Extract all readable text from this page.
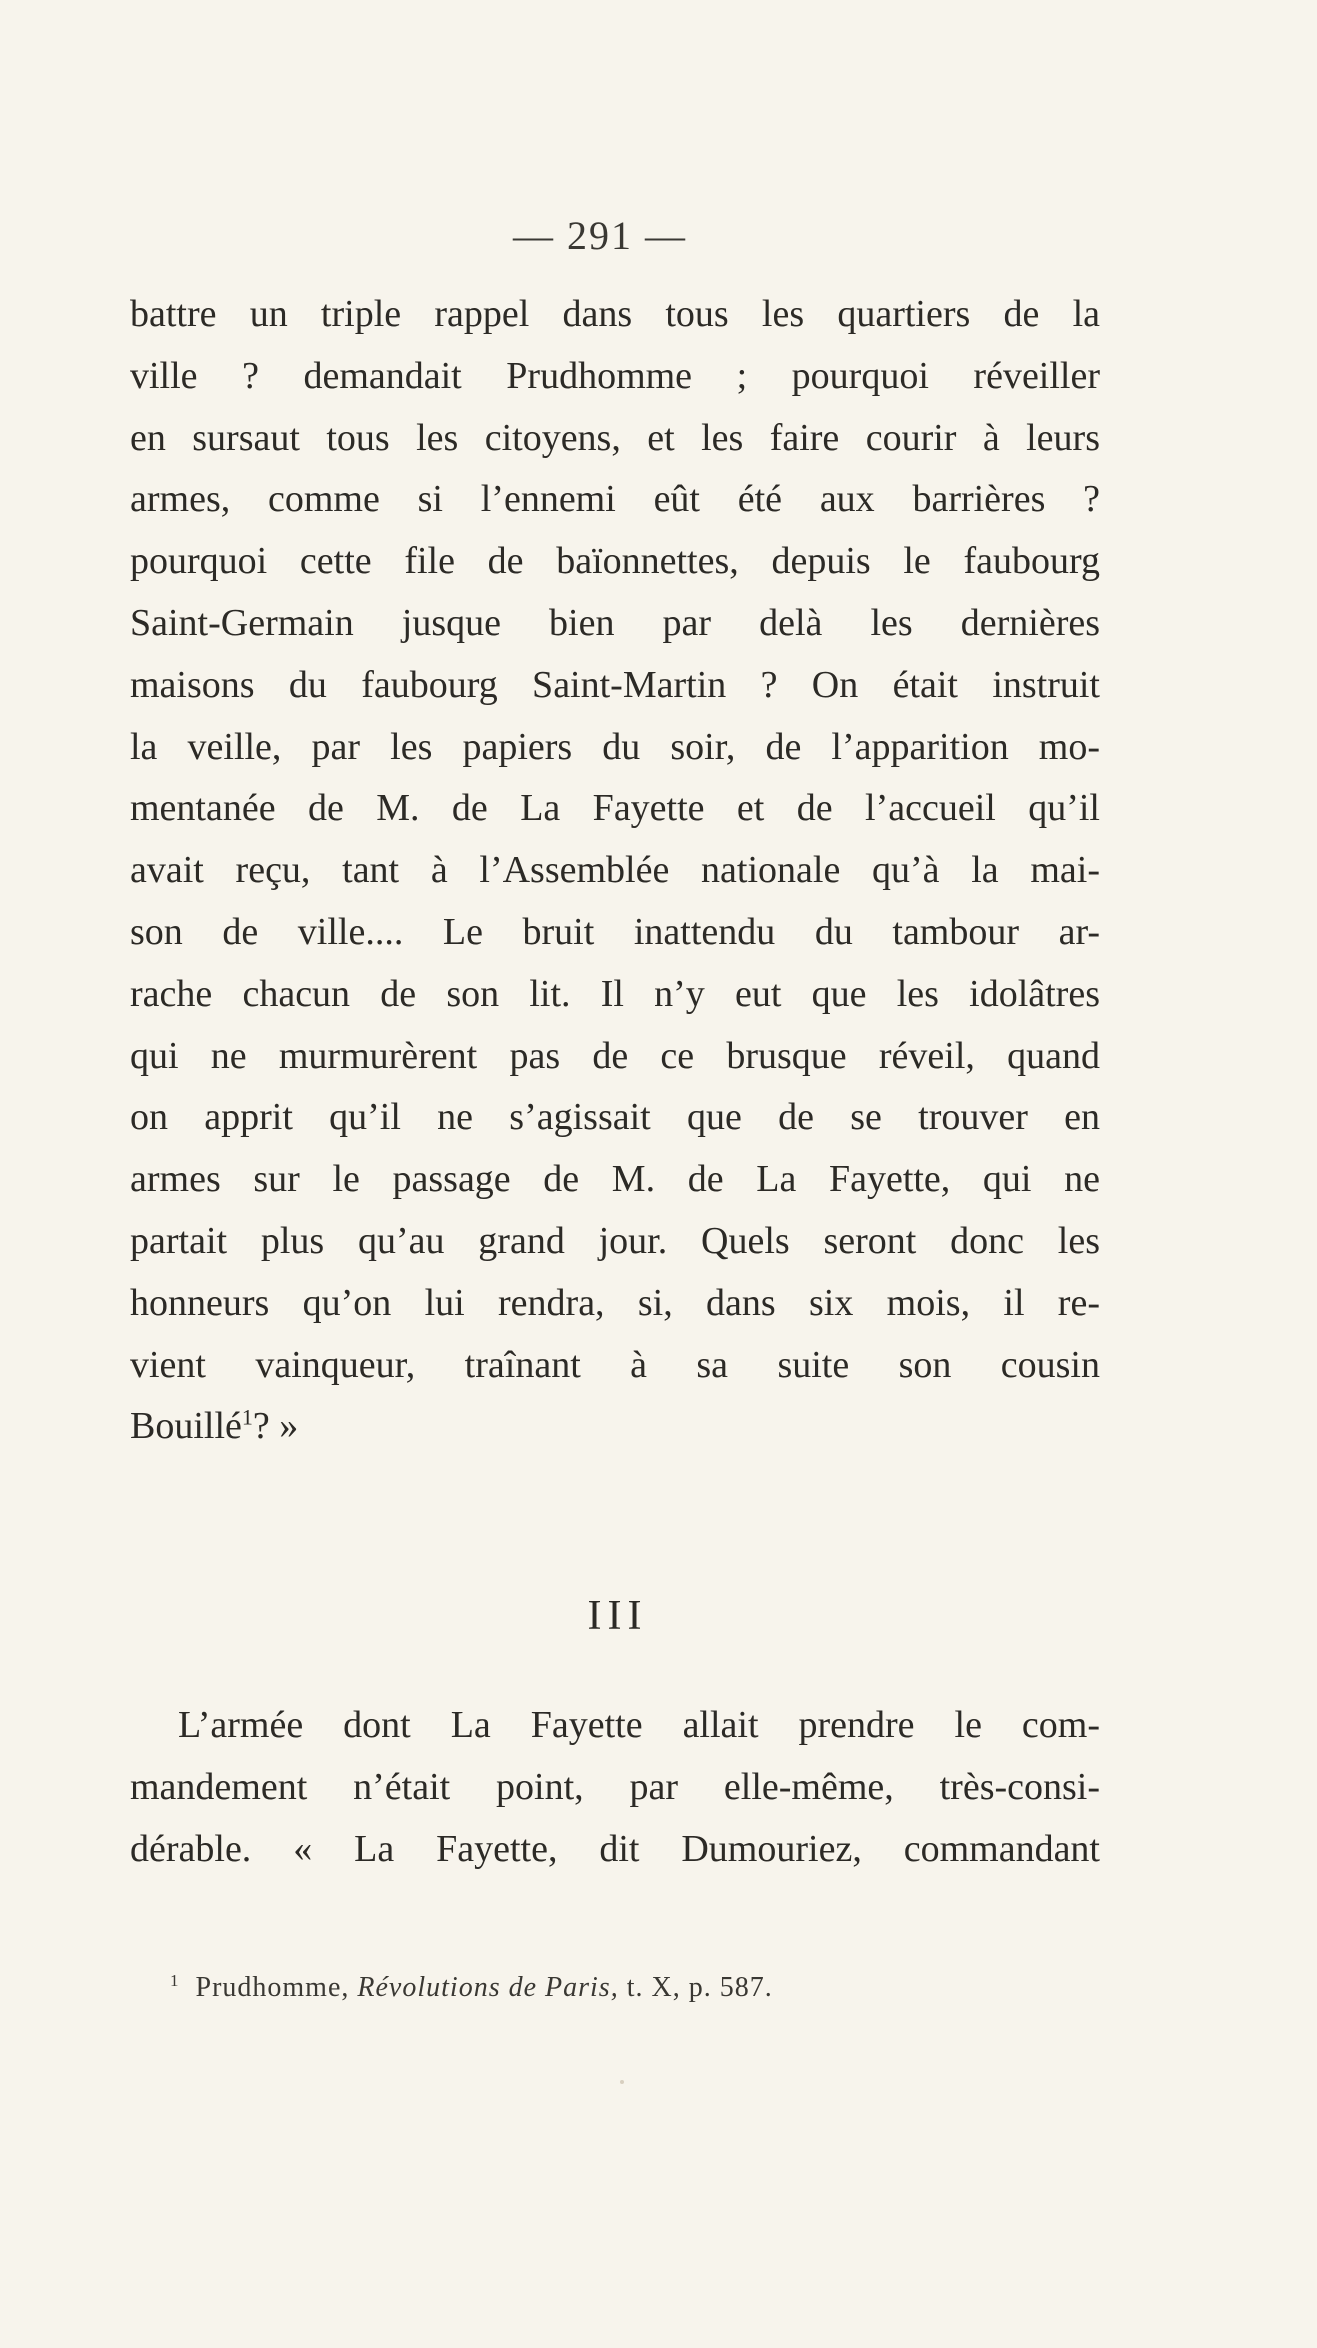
— 291 —
battre un triple rappel dans tous les quartiers de la
ville ? demandait Prudhomme ; pourquoi réveiller
en sursaut tous les citoyens, et les faire courir à leurs
armes, comme si l’ennemi eût été aux barrières ?
pourquoi cette file de baïonnettes, depuis le faubourg
Saint-Germain jusque bien par delà les dernières
maisons du faubourg Saint-Martin ? On était instruit
la veille, par les papiers du soir, de l’apparition mo-
mentanée de M. de La Fayette et de l’accueil qu’il
avait reçu, tant à l’Assemblée nationale qu’à la mai-
son de ville.... Le bruit inattendu du tambour ar-
rache chacun de son lit. Il n’y eut que les idolâtres
qui ne murmurèrent pas de ce brusque réveil, quand
on apprit qu’il ne s’agissait que de se trouver en
armes sur le passage de M. de La Fayette, qui ne
partait plus qu’au grand jour. Quels seront donc les
honneurs qu’on lui rendra, si, dans six mois, il re-
vient vainqueur, traînant à sa suite son cousin
Bouillé$^1$? »
III
L’armée dont La Fayette allait prendre le com-
mandement n’était point, par elle-même, très-consi-
dérable. « La Fayette, dit Dumouriez, commandant
$^1$ Prudhomme, Révolutions de Paris, t. X, p. 587.
